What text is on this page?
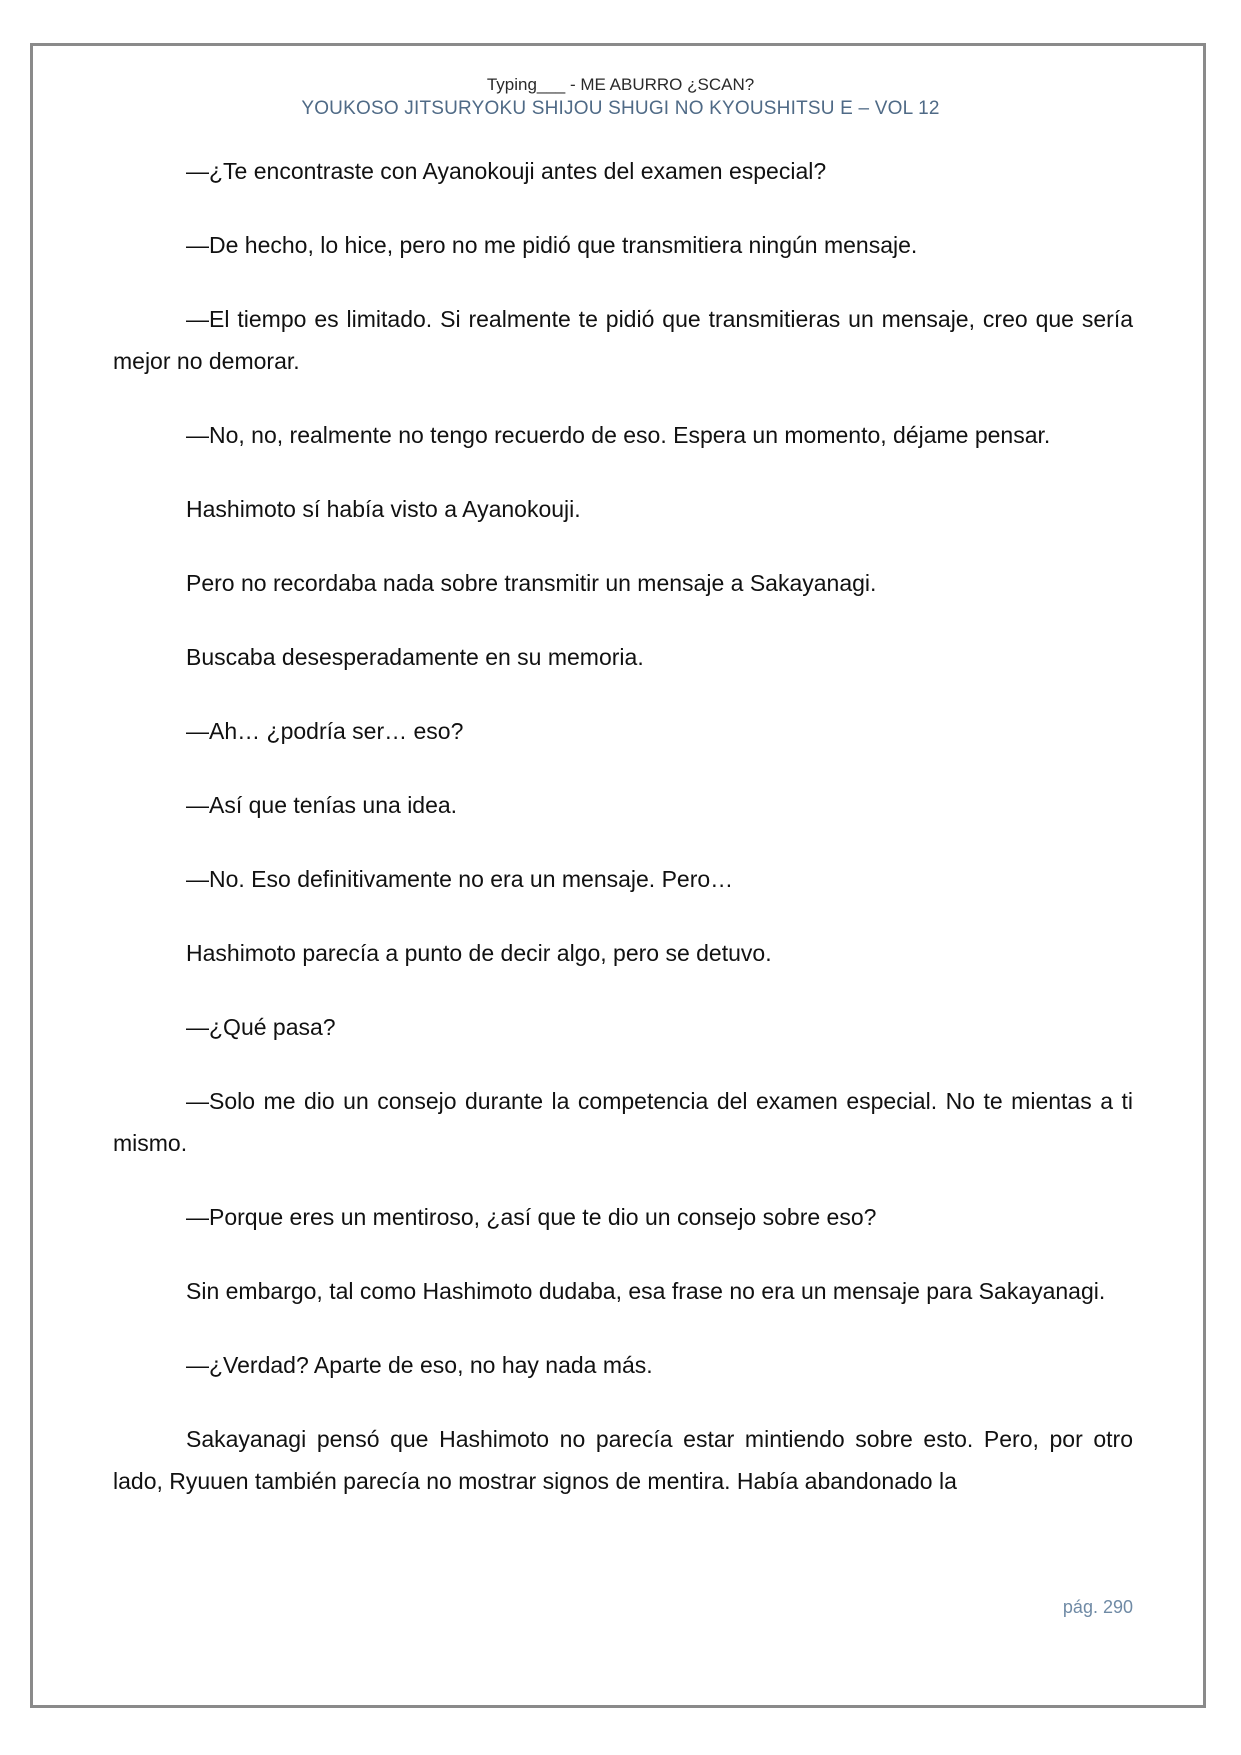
Typing___ - ME ABURRO ¿SCAN?
YOUKOSO JITSURYOKU SHIJOU SHUGI NO KYOUSHITSU E – VOL 12

—¿Te encontraste con Ayanokouji antes del examen especial?

—De hecho, lo hice, pero no me pidió que transmitiera ningún mensaje.

—El tiempo es limitado. Si realmente te pidió que transmitieras un mensaje, creo que sería mejor no demorar.

—No, no, realmente no tengo recuerdo de eso. Espera un momento, déjame pensar.

Hashimoto sí había visto a Ayanokouji.

Pero no recordaba nada sobre transmitir un mensaje a Sakayanagi.

Buscaba desesperadamente en su memoria.

—Ah… ¿podría ser… eso?

—Así que tenías una idea.

—No. Eso definitivamente no era un mensaje. Pero…

Hashimoto parecía a punto de decir algo, pero se detuvo.

—¿Qué pasa?

—Solo me dio un consejo durante la competencia del examen especial. No te mientas a ti mismo.

—Porque eres un mentiroso, ¿así que te dio un consejo sobre eso?

Sin embargo, tal como Hashimoto dudaba, esa frase no era un mensaje para Sakayanagi.

—¿Verdad? Aparte de eso, no hay nada más.

Sakayanagi pensó que Hashimoto no parecía estar mintiendo sobre esto. Pero, por otro lado, Ryuuen también parecía no mostrar signos de mentira. Había abandonado la

pág. 290
